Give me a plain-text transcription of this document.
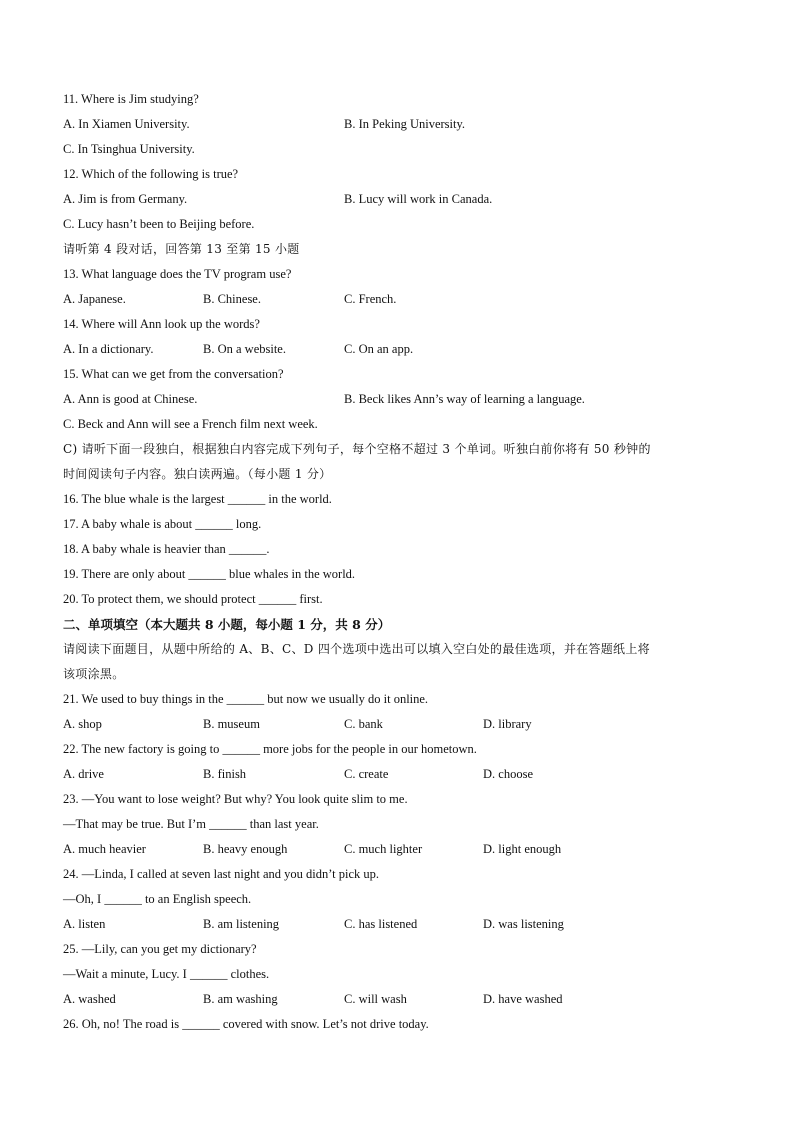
11. Where is Jim studying?
A. In Xiamen University.	B. In Peking University.
C. In Tsinghua University.
12. Which of the following is true?
A. Jim is from Germany.	B. Lucy will work in Canada.
C. Lucy hasn’t been to Beijing before.
请听第 4 段对话，回答第 13 至第 15 小题
13. What language does the TV program use?
A. Japanese.	B. Chinese.	C. French.
14. Where will Ann look up the words?
A. In a dictionary.	B. On a website.	C. On an app.
15. What can we get from the conversation?
A. Ann is good at Chinese.	B. Beck likes Ann’s way of learning a language.
C. Beck and Ann will see a French film next week.
C) 请听下面一段独白，根据独白内容完成下列句子，每个空格不超过 3 个单词。听独白前你将有 50 秒钟的
时间阅读句子内容。独白读两遍。（每小题 1 分）
16. The blue whale is the largest ______ in the world.
17. A baby whale is about ______ long.
18. A baby whale is heavier than ______.
19. There are only about ______ blue whales in the world.
20. To protect them, we should protect ______ first.
二、单项填空（本大题共 8 小题，每小题 1 分，共 8 分）
请阅读下面题目，从题中所给的 A、B、C、D 四个选项中选出可以填入空白处的最佳选项，并在答题纸上将
该项涂黑。
21. We used to buy things in the ______ but now we usually do it online.
A. shop	B. museum	C. bank	D. library
22. The new factory is going to ______ more jobs for the people in our hometown.
A. drive	B. finish	C. create	D. choose
23. —You want to lose weight? But why? You look quite slim to me.
—That may be true. But I’m ______ than last year.
A. much heavier	B. heavy enough	C. much lighter	D. light enough
24. —Linda, I called at seven last night and you didn’t pick up.
—Oh, I ______ to an English speech.
A. listen	B. am listening	C. has listened	D. was listening
25. —Lily, can you get my dictionary?
—Wait a minute, Lucy. I ______ clothes.
A. washed	B. am washing	C. will wash	D. have washed
26. Oh, no! The road is ______ covered with snow. Let’s not drive today.
